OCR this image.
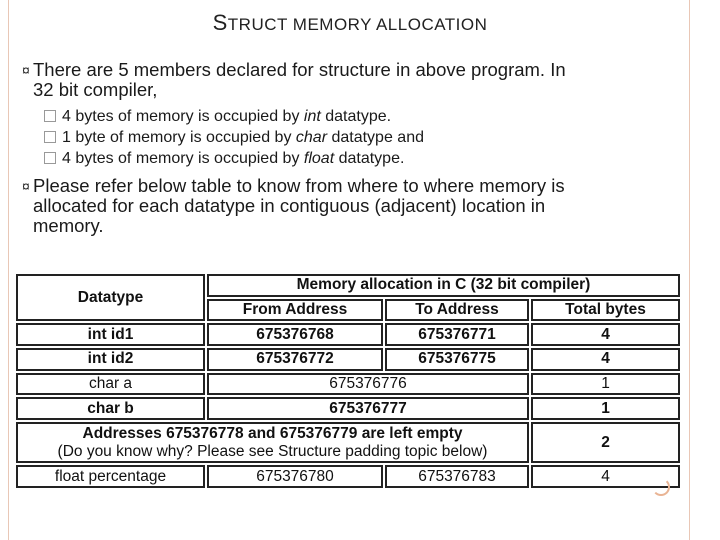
STRUCT MEMORY ALLOCATION
¤ There are 5 members declared for structure in above program. In
32 bit compiler,
4 bytes of memory is occupied by int datatype.
1 byte of memory is occupied by char datatype and
4 bytes of memory is occupied by float datatype.
¤ Please refer below table to know from where to where memory is
allocated for each datatype in contiguous (adjacent) location in
memory.
Datatype	Memory allocation in C (32 bit compiler)		
	From Address	To Address	Total bytes
int id1	675376768	675376771	4
int id2	675376772	675376775	4
char a	675376776		1
char b	675376777		1

Addresses 675376778 and 675376779 are left empty
(Do you know why? Please see Structure padding topic below)			2
float percentage	675376780	675376783	4
